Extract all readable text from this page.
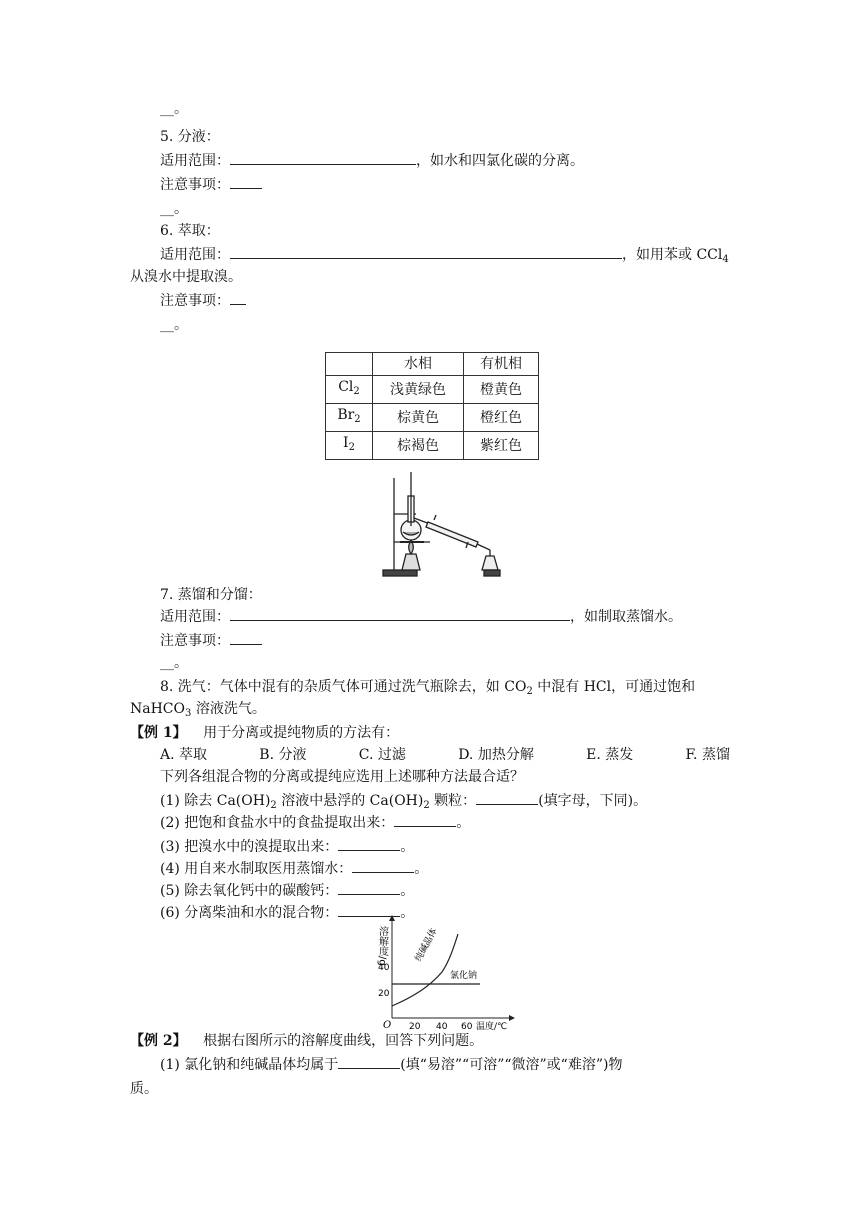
__。
5. 分液：
适用范围：	，如水和四氯化碳的分离。
注意事项：
__。
6. 萃取：
适用范围：	，如用苯或 CCl$_4$
从溴水中提取溴。
注意事项：
__。
	水相	有机相
$Cl_2$	浅黄绿色	橙黄色
$Br_2$	棕黄色	橙红色
$I_2$	棕褐色	紫红色
7. 蒸馏和分馏：
适用范围：	，如制取蒸馏水。
注意事项：
__。
8. 洗气：气体中混有的杂质气体可通过洗气瓶除去，如 $CO_2$ 中混有 HCl，可通过饱和
NaHCO$_3$ 溶液洗气。
【例 1】 用于分离或提纯物质的方法有：
A. 萃取	B. 分液	C. 过滤	D. 加热分解	E. 蒸发	F. 蒸馏
下列各组混合物的分离或提纯应选用上述哪种方法最合适？
(1) 除去 $Ca(OH)_2$ 溶液中悬浮的 $Ca(OH)_2$ 颗粒：	(填字母，下同)。
(2) 把饱和食盐水中的食盐提取出来：	。
(3) 把溴水中的溴提取出来：	。
(4) 用自来水制取医用蒸馏水：	。
(5) 除去氧化钙中的碳酸钙：	。
(6) 分离柴油和水的混合物：	。
溶解度/g
20
40
20 40 60 温度/℃
O
氯化钠
纯碱晶体
【例 2】 根据右图所示的溶解度曲线，回答下列问题。
(1) 氯化钠和纯碱晶体均属于	(填“易溶”“可溶”“微溶”或“难溶”)物
质。
